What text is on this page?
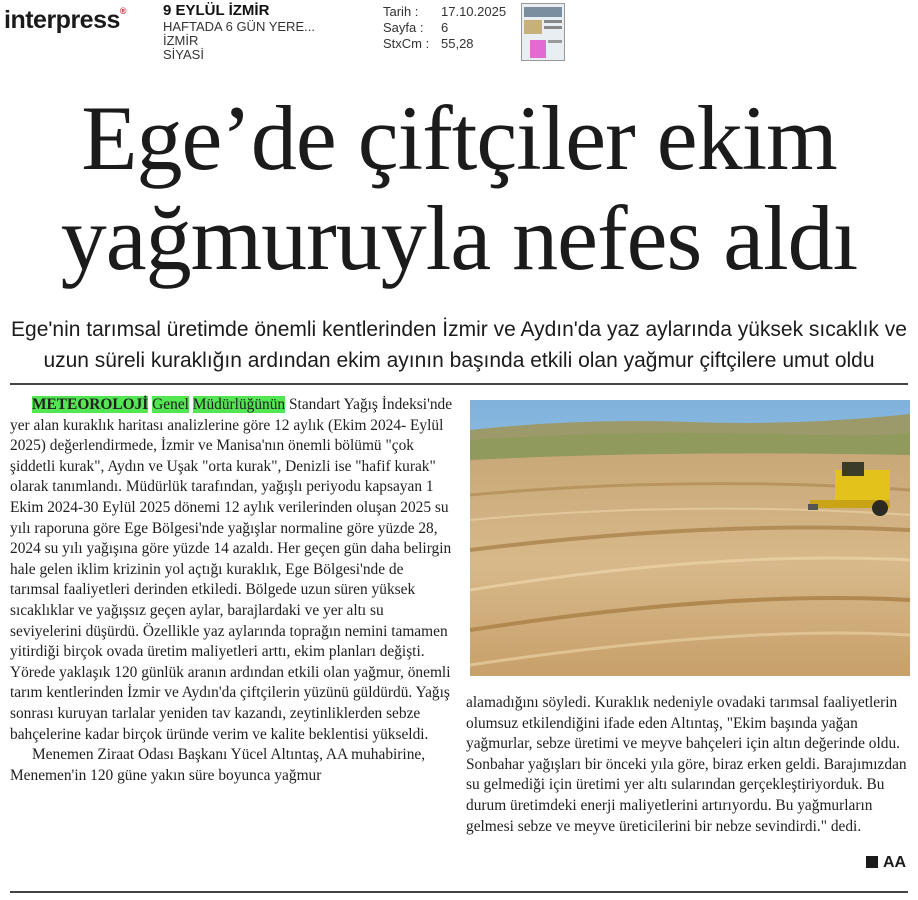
interpress® 9 EYLÜL İZMİR
HAFTADA 6 GÜN YERE...
İZMİR
SİYASİ
Tarih :	17.10.2025
Sayfa :	6
StxCm : 55,28
Ege’de çiftçiler ekim
yağmuruyla nefes aldı
Ege'nin tarımsal üretimde önemli kentlerinden İzmir ve Aydın'da yaz aylarında yüksek sıcaklık ve uzun süreli kuraklığın ardından ekim ayının başında etkili olan yağmur çiftçilere umut oldu

METEOROLOJİ Genel Müdürlüğünün Standart Yağış İndeksi'nde yer alan kuraklık haritası analizlerine göre 12 aylık (Ekim 2024- Eylül 2025) değerlendirmede, İzmir ve Manisa'nın önemli bölümü "çok şiddetli kurak", Aydın ve Uşak "orta kurak", Denizli ise "hafif kurak" olarak tanımlandı. Müdürlük tarafından, yağışlı periyodu kapsayan 1 Ekim 2024-30 Eylül 2025 dönemi 12 aylık verilerinden oluşan 2025 su yılı raporuna göre Ege Bölgesi'nde yağışlar normaline göre yüzde 28, 2024 su yılı yağışına göre yüzde 14 azaldı. Her geçen gün daha belirgin hale gelen iklim krizinin yol açtığı kuraklık, Ege Bölgesi'nde de tarımsal faaliyetleri derinden etkiledi. Bölgede uzun süren yüksek sıcaklıklar ve yağışsız geçen aylar, barajlardaki ve yer altı su seviyelerini düşürdü. Özellikle yaz aylarında toprağın nemini tamamen yitirdiği birçok ovada üretim maliyetleri arttı, ekim planları değişti. Yörede yaklaşık 120 günlük aranın ardından etkili olan yağmur, önemli tarım kentlerinden İzmir ve Aydın'da çiftçilerin yüzünü güldürdü. Yağış sonrası kuruyan tarlalar yeniden tav kazandı, zeytinliklerden sebze bahçelerine kadar birçok üründe verim ve kalite beklentisi yükseldi.

Menemen Ziraat Odası Başkanı Yücel Altıntaş, AA muhabirine, Menemen'in 120 güne yakın süre boyunca yağmur

alamadığını söyledi. Kuraklık nedeniyle ovadaki tarımsal faaliyetlerin olumsuz etkilendiğini ifade eden Altıntaş, "Ekim başında yağan yağmurlar, sebze üretimi ve meyve bahçeleri için altın değerinde oldu. Sonbahar yağışları bir önceki yıla göre, biraz erken geldi. Barajımızdan su gelmediği için üretimi yer altı sularından gerçekleştiriyorduk. Bu durum üretimdeki enerji maliyetlerini artırıyordu. Bu yağmurların gelmesi sebze ve meyve üreticilerini bir nebze sevindirdi." dedi.

AA
